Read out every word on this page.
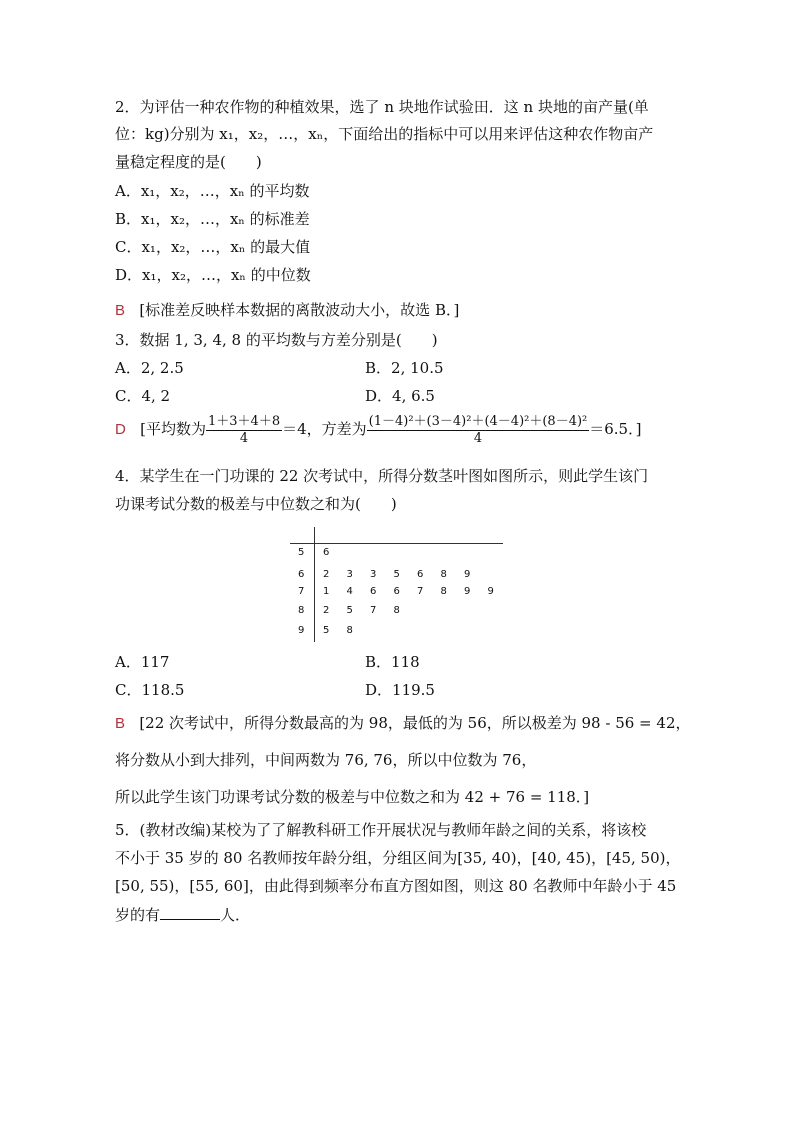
2．为评估一种农作物的种植效果，选了 n 块地作试验田．这 n 块地的亩产量(单
位：kg)分别为 x₁，x₂，…，xₙ，下面给出的指标中可以用来评估这种农作物亩产
量稳定程度的是(　　)
A．x₁，x₂，…，xₙ 的平均数
B．x₁，x₂，…，xₙ 的标准差
C．x₁，x₂，…，xₙ 的最大值
D．x₁，x₂，…，xₙ 的中位数
B [标准差反映样本数据的离散波动大小，故选 B．]
3．数据 1, 3, 4, 8 的平均数与方差分别是(　　)
A．2, 2.5	B．2, 10.5
C．4, 2	D．4, 6.5
D [平均数为 $\frac{1+3+4+8}{4} =4$，方差为 $\frac{\text{(1－4)²＋(3－4)²＋(4－4)²＋(8－4)²}}{4} =6.5$．]
4．某学生在一门功课的 22 次考试中，所得分数茎叶图如图所示，则此学生该门
功课考试分数的极差与中位数之和为(　　)
5 6
6 2 3 3 5 6 8 9
7 1 4 6 6 7 8 9 9
8 2 5 7 8
9 5 8
A．117	B．118
C．118.5	D．119.5
B [22 次考试中，所得分数最高的为 98，最低的为 56，所以极差为 98 - 56 = 42，
将分数从小到大排列，中间两数为 76, 76，所以中位数为 76，
所以此学生该门功课考试分数的极差与中位数之和为 42 + 76 = 118．]
5．(教材改编)某校为了了解教科研工作开展状况与教师年龄之间的关系，将该校
不小于 35 岁的 80 名教师按年龄分组，分组区间为[35, 40)，[40, 45)，[45, 50)，
[50, 55)，[55, 60]，由此得到频率分布直方图如图，则这 80 名教师中年龄小于 45
岁的有	人．
